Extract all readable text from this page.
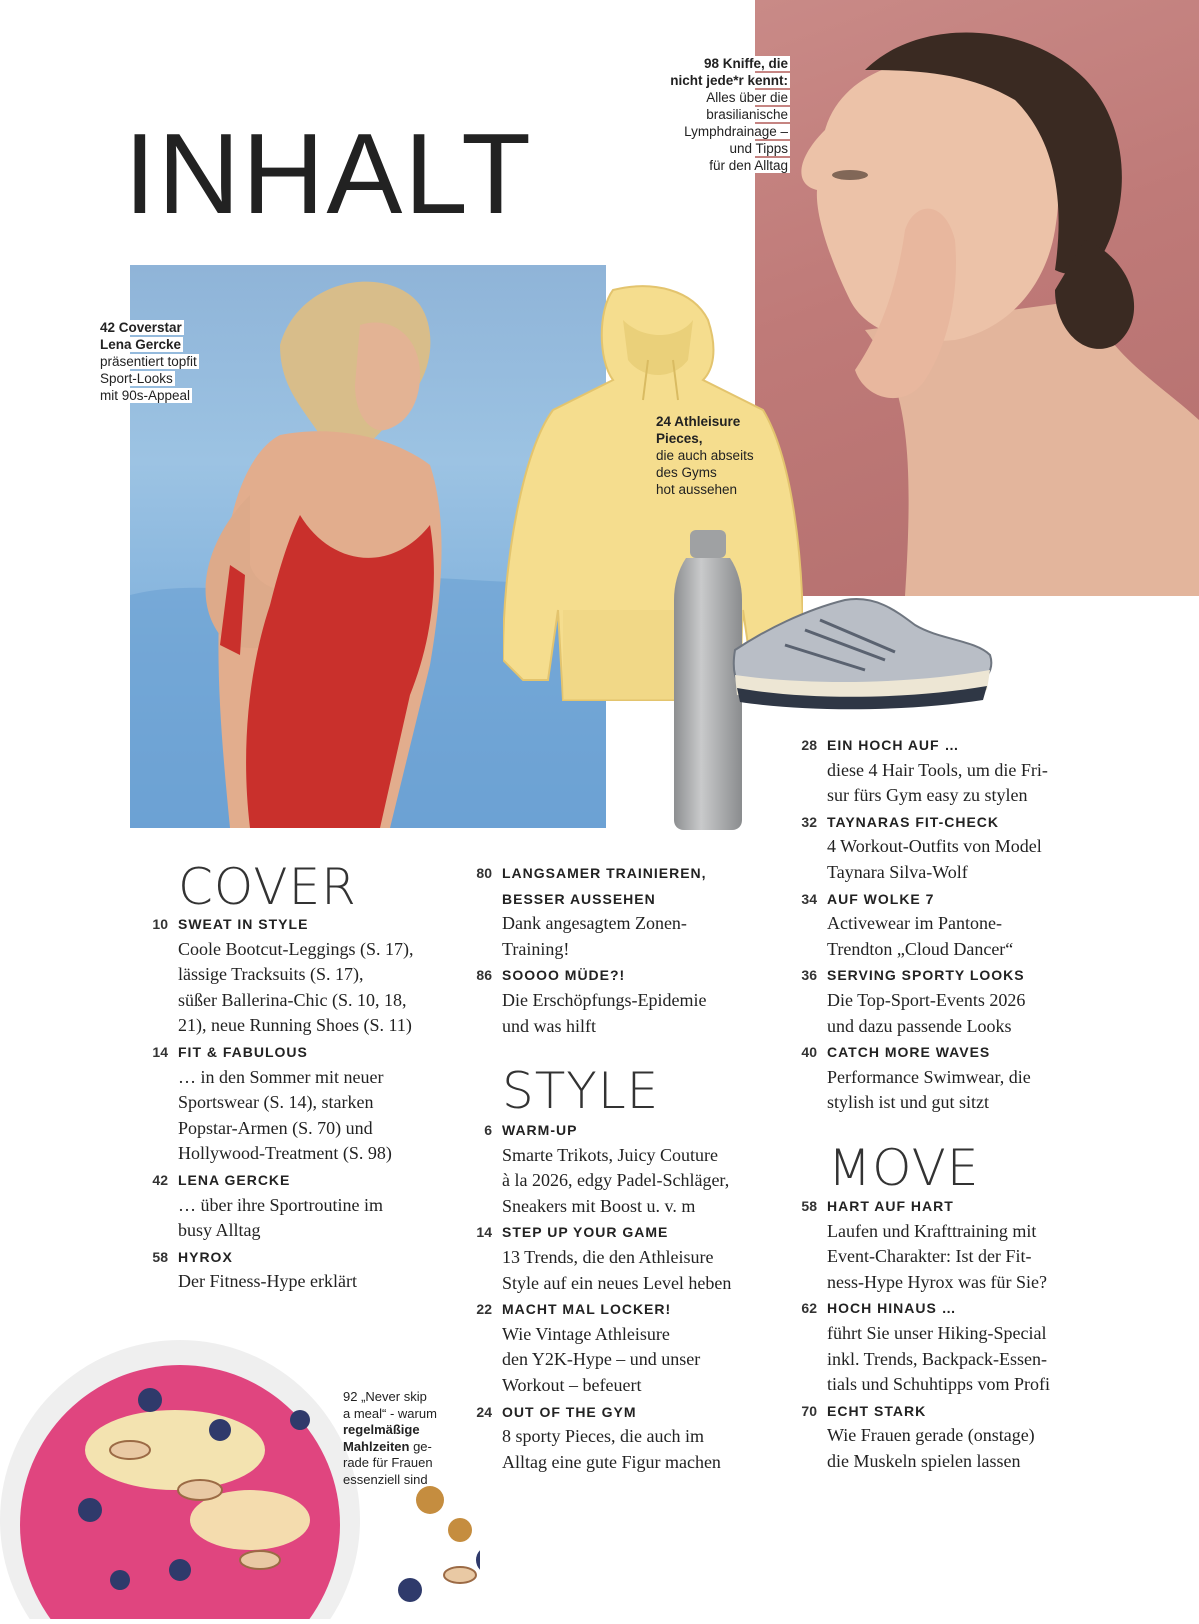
INHALT
98 Kniffe, die
nicht jede*r kennt:
Alles über die
brasilianische
Lymphdrainage –
und Tipps
für den Alltag
42 Coverstar
Lena Gercke
präsentiert topfit
Sport-Looks
mit 90s-Appeal
24 Athleisure
Pieces,
die auch abseits
des Gyms
hot aussehen
92 „Never skip
a meal“ - warum
regelmäßige
Mahlzeiten ge-
rade für Frauen
essenziell sind
COVER
STYLE
MOVE
10 SWEAT IN STYLE
Coole Bootcut-Leggings (S. 17),
lässige Tracksuits (S. 17),
süßer Ballerina-Chic (S. 10, 18,
21), neue Running Shoes (S. 11)
14 FIT & FABULOUS
… in den Sommer mit neuer
Sportswear (S. 14), starken
Popstar-Armen (S. 70) und
Hollywood-Treatment (S. 98)
42 LENA GERCKE
… über ihre Sportroutine im
busy Alltag
58 HYROX
Der Fitness-Hype erklärt
80 LANGSAMER TRAINIEREN,
BESSER AUSSEHEN
Dank angesagtem Zonen-
Training!
86 SOOOO MÜDE?!
Die Erschöpfungs-Epidemie
und was hilft
6 WARM-UP
Smarte Trikots, Juicy Couture
à la 2026, edgy Padel-Schläger,
Sneakers mit Boost u. v. m
14 STEP UP YOUR GAME
13 Trends, die den Athleisure
Style auf ein neues Level heben
22 MACHT MAL LOCKER!
Wie Vintage Athleisure
den Y2K-Hype – und unser
Workout – befeuert
24 OUT OF THE GYM
8 sporty Pieces, die auch im
Alltag eine gute Figur machen
28 EIN HOCH AUF …
diese 4 Hair Tools, um die Fri-
sur fürs Gym easy zu stylen
32 TAYNARAS FIT-CHECK
4 Workout-Outfits von Model
Taynara Silva-Wolf
34 AUF WOLKE 7
Activewear im Pantone-
Trendton „Cloud Dancer“
36 SERVING SPORTY LOOKS
Die Top-Sport-Events 2026
und dazu passende Looks
40 CATCH MORE WAVES
Performance Swimwear, die
stylish ist und gut sitzt
58 HART AUF HART
Laufen und Krafttraining mit
Event-Charakter: Ist der Fit-
ness-Hype Hyrox was für Sie?
62 HOCH HINAUS …
führt Sie unser Hiking-Special
inkl. Trends, Backpack-Essen-
tials und Schuhtipps vom Profi
70 ECHT STARK
Wie Frauen gerade (onstage)
die Muskeln spielen lassen
